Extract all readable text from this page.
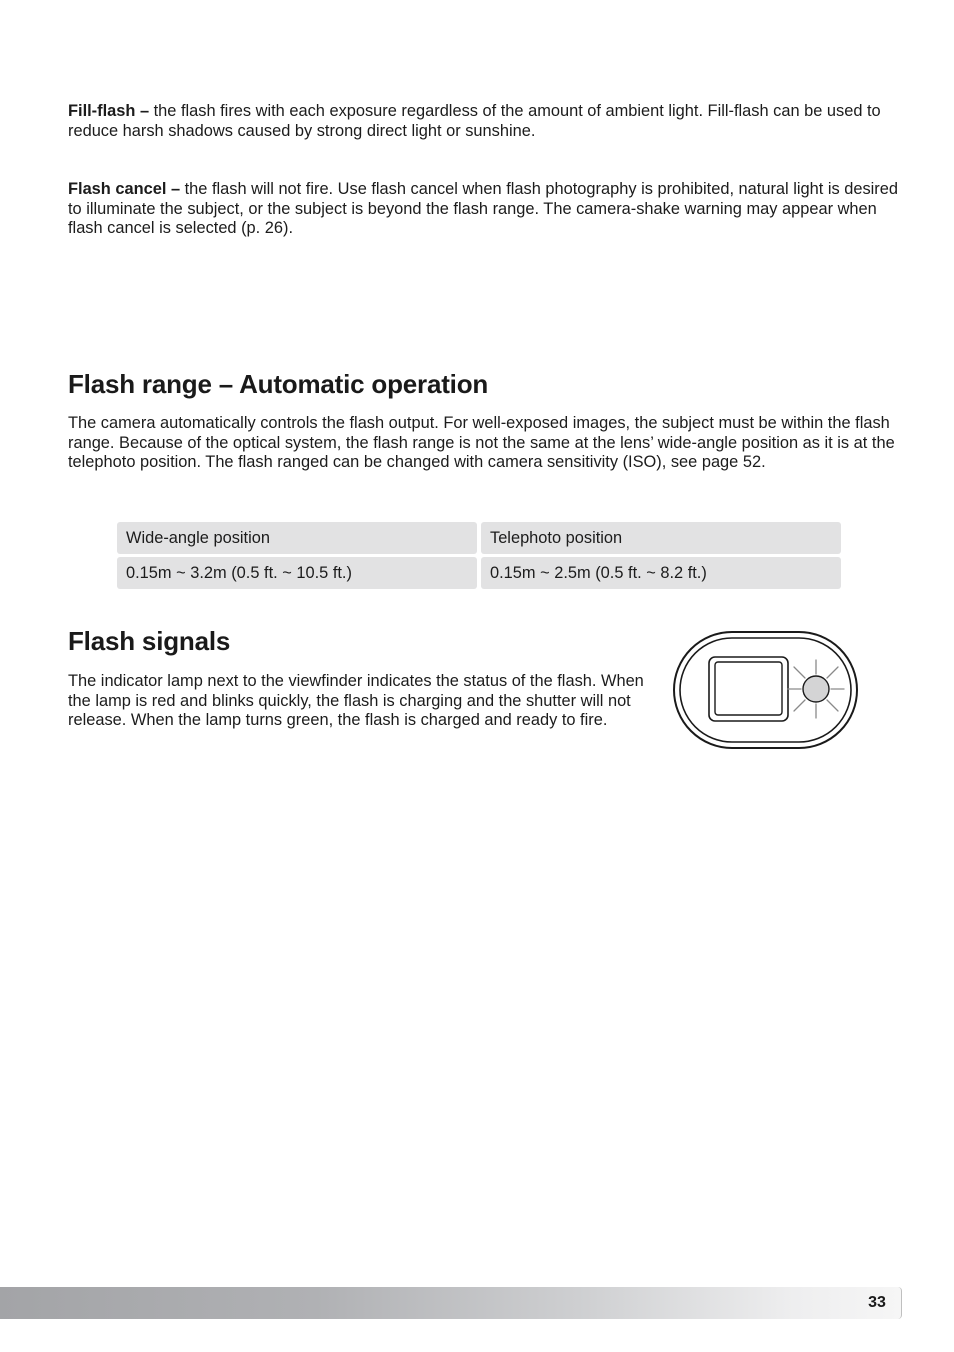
Fill-flash – the flash fires with each exposure regardless of the amount of ambient light. Fill-flash can be used to reduce harsh shadows caused by strong direct light or sunshine.

Flash cancel – the flash will not fire. Use flash cancel when flash photography is prohibited, natural light is desired to illuminate the subject, or the subject is beyond the flash range. The camera-shake warning may appear when flash cancel is selected (p. 26).

Flash range – Automatic operation

The camera automatically controls the flash output. For well-exposed images, the subject must be within the flash range. Because of the optical system, the flash range is not the same at the lens’ wide-angle position as it is at the telephoto position. The flash ranged can be changed with camera sensitivity (ISO), see page 52.

Wide-angle position	Telephoto position
0.15m ~ 3.2m (0.5 ft. ~ 10.5 ft.)	0.15m ~ 2.5m (0.5 ft. ~ 8.2 ft.)
Flash signals

The indicator lamp next to the viewfinder indicates the status of the flash. When the lamp is red and blinks quickly, the flash is charging and the shutter will not release. When the lamp turns green, the flash is charged and ready to fire.

33
